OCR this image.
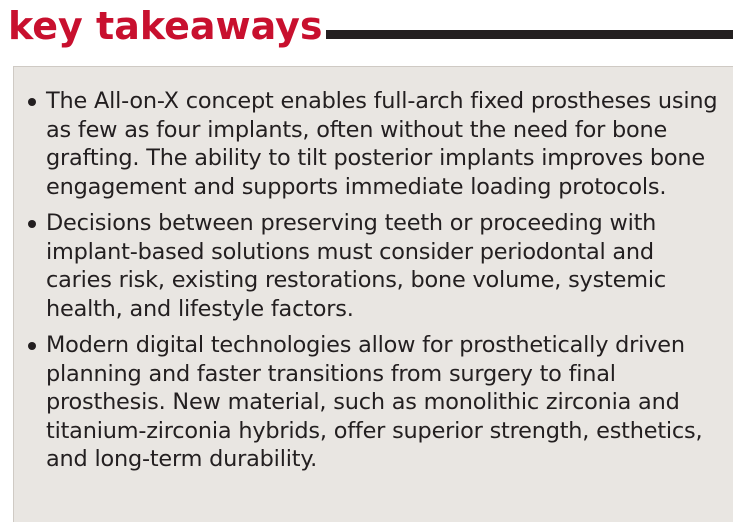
key takeaways
The All-on-X concept enables full-arch fixed prostheses using as few as four implants, often without the need for bone grafting. The ability to tilt posterior implants improves bone engagement and supports immediate loading protocols.
Decisions between preserving teeth or proceeding with implant-based solutions must consider periodontal and caries risk, existing restorations, bone volume, systemic health, and lifestyle factors.
Modern digital technologies allow for prosthetically driven planning and faster transitions from surgery to final prosthesis. New material, such as monolithic zirconia and titanium-zirconia hybrids, offer superior strength, esthetics, and long-term durability.
